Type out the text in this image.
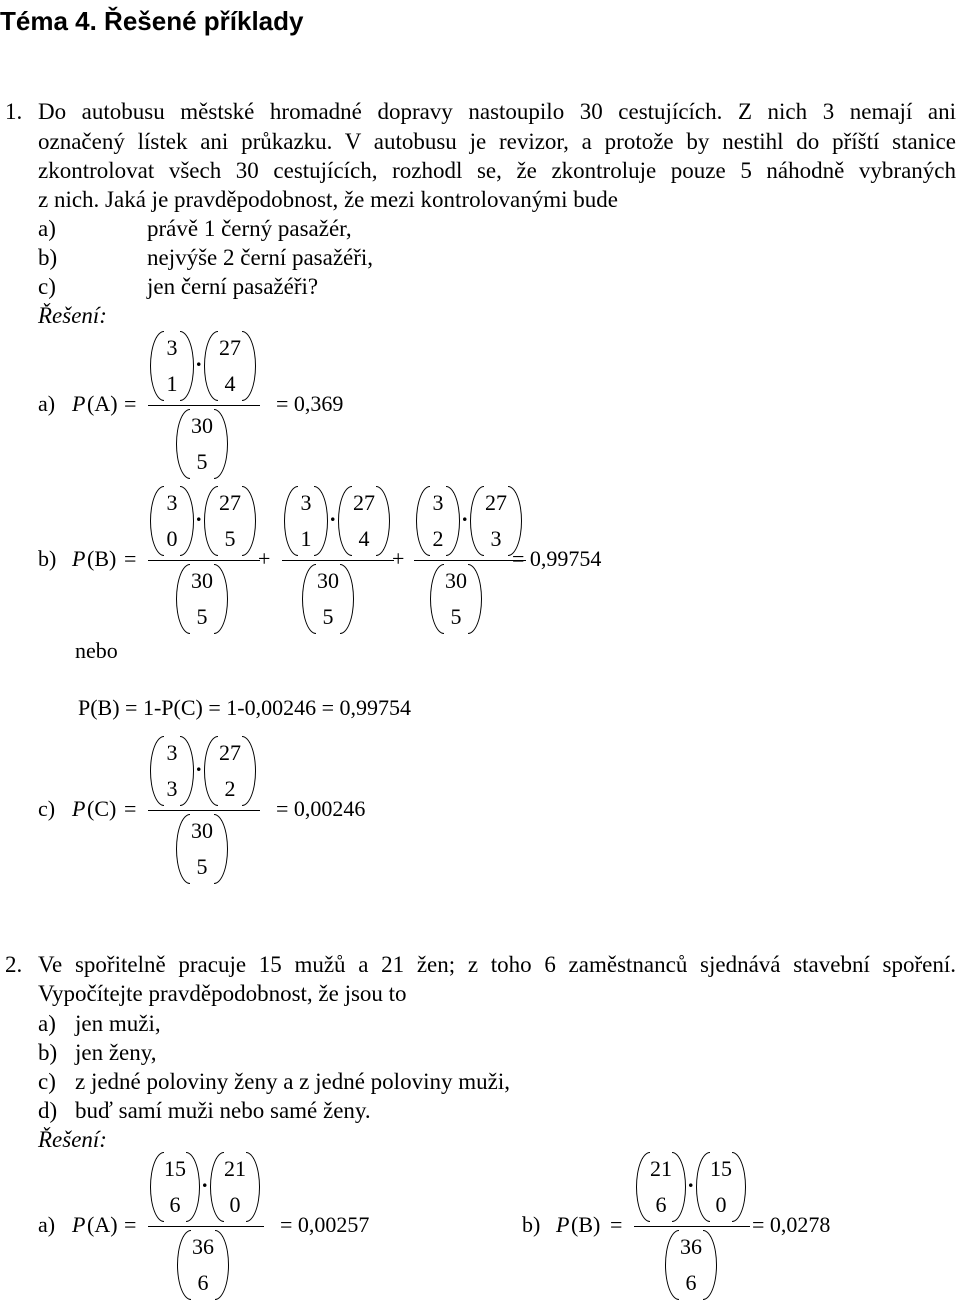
Téma 4. Řešené příklady
1. Do autobusu městské hromadné dopravy nastoupilo 30 cestujících. Z nich 3 nemají ani
označený lístek ani průkazku. V autobusu je revizor, a protože by nestihl do příští stanice
zkontrolovat všech 30 cestujících, rozhodl se, že zkontroluje pouze 5 náhodně vybraných
z nich. Jaká je pravděpodobnost, že mezi kontrolovanými bude
a)	právě 1 černý pasažér,
b)	nejvýše 2 černí pasažéři,
c)	jen černí pasažéři?
Řešení:
a) P (A) =
3
1
. 27
4
30
5
= 0,369
b) P (B) =
3
0
. 27
5
30
5
+
3
1
. 27
4
30
5
+
3
2
. 27
3
30
5
= 0,99754
nebo
P(B) = 1-P(C) = 1-0,00246 = 0,99754
c) P (C) =
3
3
. 27
2
30
5
= 0,00246
2. Ve spořitelně pracuje 15 mužů a 21 žen; z toho 6 zaměstnanců sjednává stavební spoření.
Vypočítejte pravděpodobnost, že jsou to
a) jen muži,
b) jen ženy,
c) z jedné poloviny ženy a z jedné poloviny muži,
d) buď samí muži nebo samé ženy.
Řešení:
a) P (A) =
15
6
. 21
0
36
6
= 0,00257	b) P (B) =
21
6
. 15
0
36
6
= 0,0278
